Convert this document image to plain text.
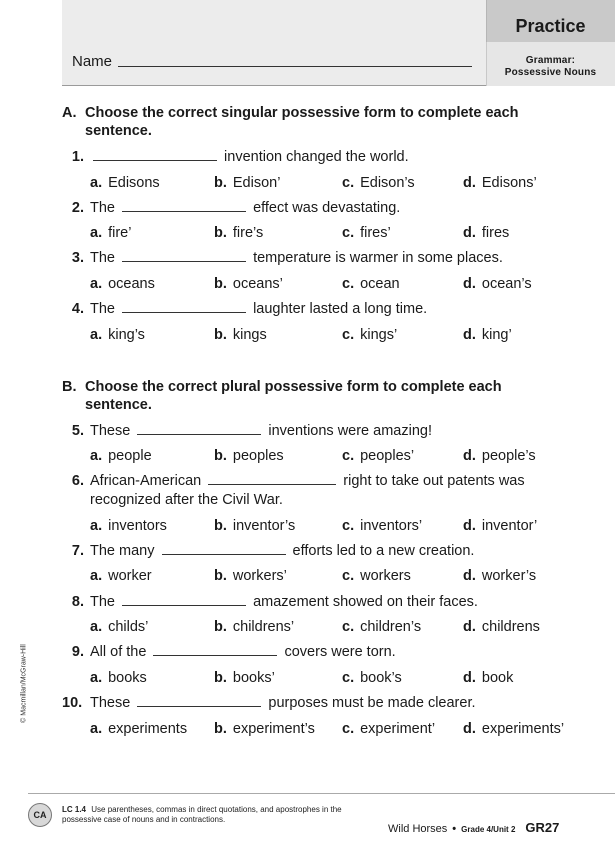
Practice
Grammar:
Possessive Nouns
Name
A. Choose the correct singular possessive form to complete each sentence.
1.	invention changed the world.
a. Edisons	b. Edison’	c. Edison’s	d. Edisons’
2. The	effect was devastating.
a. fire’	b. fire’s	c. fires’	d. fires
3. The	temperature is warmer in some places.
a. oceans	b. oceans’	c. ocean	d. ocean’s
4. The	laughter lasted a long time.
a. king’s	b. kings	c. kings’	d. king’
B. Choose the correct plural possessive form to complete each sentence.
5. These	inventions were amazing!
a. people	b. peoples	c. peoples’	d. people’s
6. African-American	right to take out patents was recognized after the Civil War.
a. inventors	b. inventor’s	c. inventors’	d. inventor’
7. The many	efforts led to a new creation.
a. worker	b. workers’	c. workers	d. worker’s
8. The	amazement showed on their faces.
a. childs’	b. childrens’	c. children’s	d. childrens
9. All of the	covers were torn.
a. books	b. books’	c. book’s	d. book
10. These	purposes must be made clearer.
a. experiments b. experiment’s c. experiment’ d. experiments’
© Macmillan/McGraw-Hill
CA
LC 1.4 Use parentheses, commas in direct quotations, and apostrophes in the possessive case of nouns and in contractions.
Wild Horses • Grade 4/Unit 2 GR27
